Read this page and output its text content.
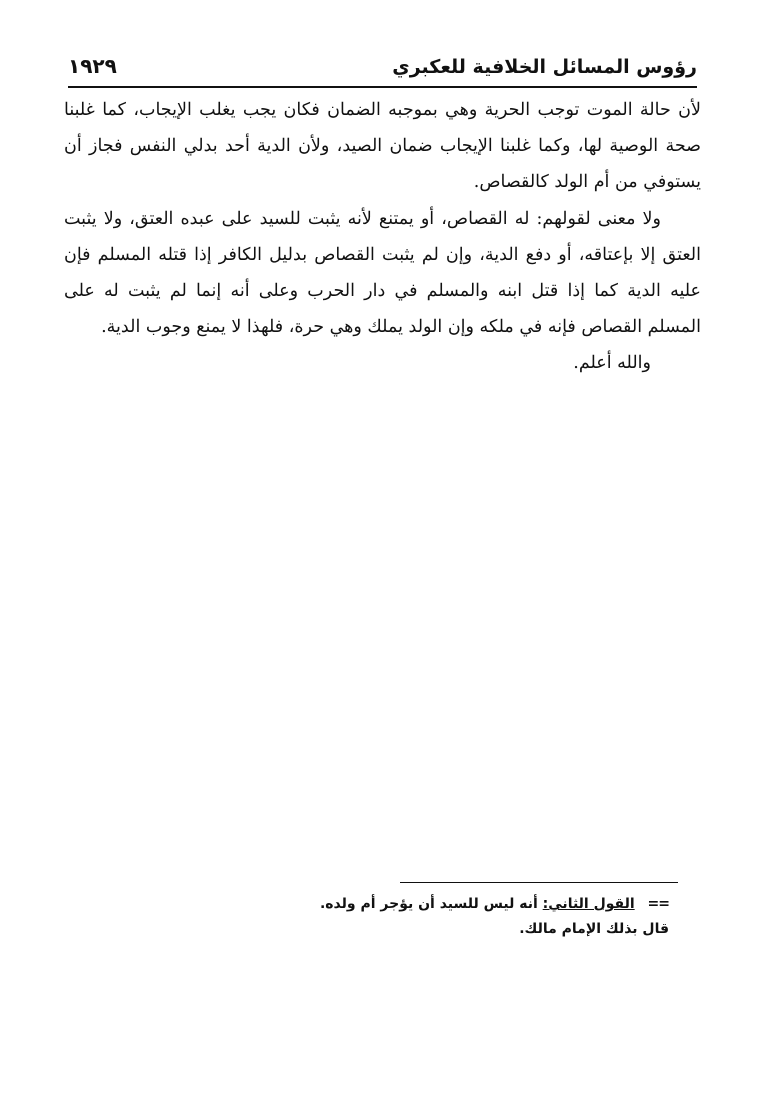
رؤوس المسائل الخلافية للعكبري
١٩٢٩

لأن حالة الموت توجب الحرية وهي بموجبه الضمان فكان يجب يغلب الإيجاب، كما غلبنا صحة الوصية لها، وكما غلبنا الإيجاب ضمان الصيد، ولأن الدية أحد بدلي النفس فجاز أن يستوفي من أم الولد كالقصاص.

ولا معنى لقولهم: له القصاص، أو يمتنع لأنه يثبت للسيد على عبده العتق، ولا يثبت العتق إلا بإعتاقه، أو دفع الدية، وإن لم يثبت القصاص بدليل الكافر إذا قتله المسلم فإن عليه الدية كما إذا قتل ابنه والمسلم في دار الحرب وعلى أنه إنما لم يثبت له على المسلم القصاص فإنه في ملكه وإن الولد يملك وهي حرة، فلهذا لا يمنع وجوب الدية.

والله أعلم.

== القول الثاني: أنه ليس للسيد أن يؤجر أم ولده.
قال بذلك الإمام مالك.
